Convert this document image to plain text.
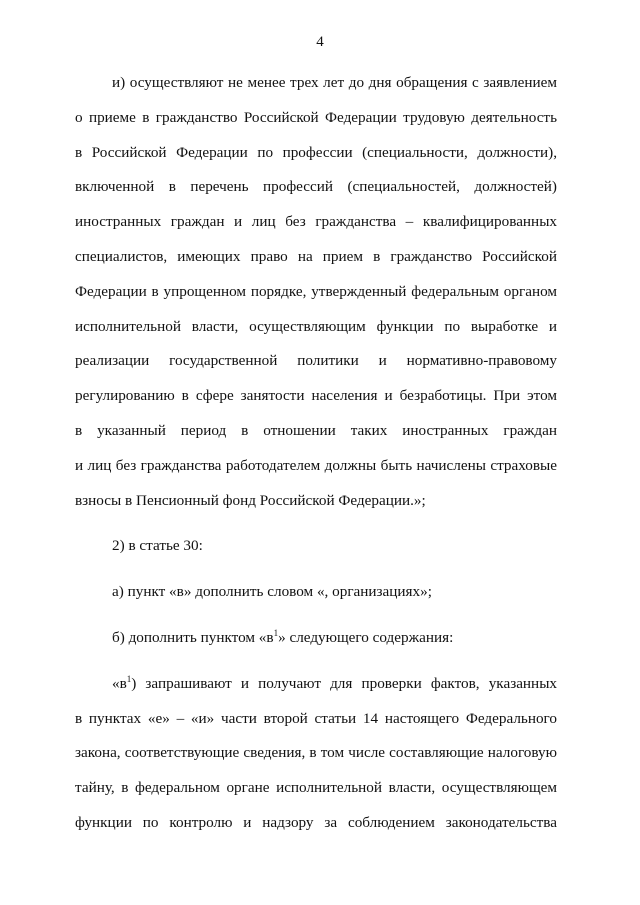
4
и) осуществляют не менее трех лет до дня обращения с заявлением
о приеме в гражданство Российской Федерации трудовую деятельность
в Российской Федерации по профессии (специальности, должности),
включенной в перечень профессий (специальностей, должностей)
иностранных граждан и лиц без гражданства – квалифицированных
специалистов, имеющих право на прием в гражданство Российской
Федерации в упрощенном порядке, утвержденный федеральным органом
исполнительной власти, осуществляющим функции по выработке и
реализации государственной политики и нормативно-правовому
регулированию в сфере занятости населения и безработицы. При этом
в указанный период в отношении таких иностранных граждан
и лиц без гражданства работодателем должны быть начислены страховые
взносы в Пенсионный фонд Российской Федерации.»;
2) в статье 30:
а) пункт «в» дополнить словом «, организациях»;
б) дополнить пунктом «$в^1$» следующего содержания:
«$в^1$) запрашивают и получают для проверки фактов, указанных
в пунктах «е» – «и» части второй статьи 14 настоящего Федерального
закона, соответствующие сведения, в том числе составляющие налоговую
тайну, в федеральном органе исполнительной власти, осуществляющем
функции по контролю и надзору за соблюдением законодательства
